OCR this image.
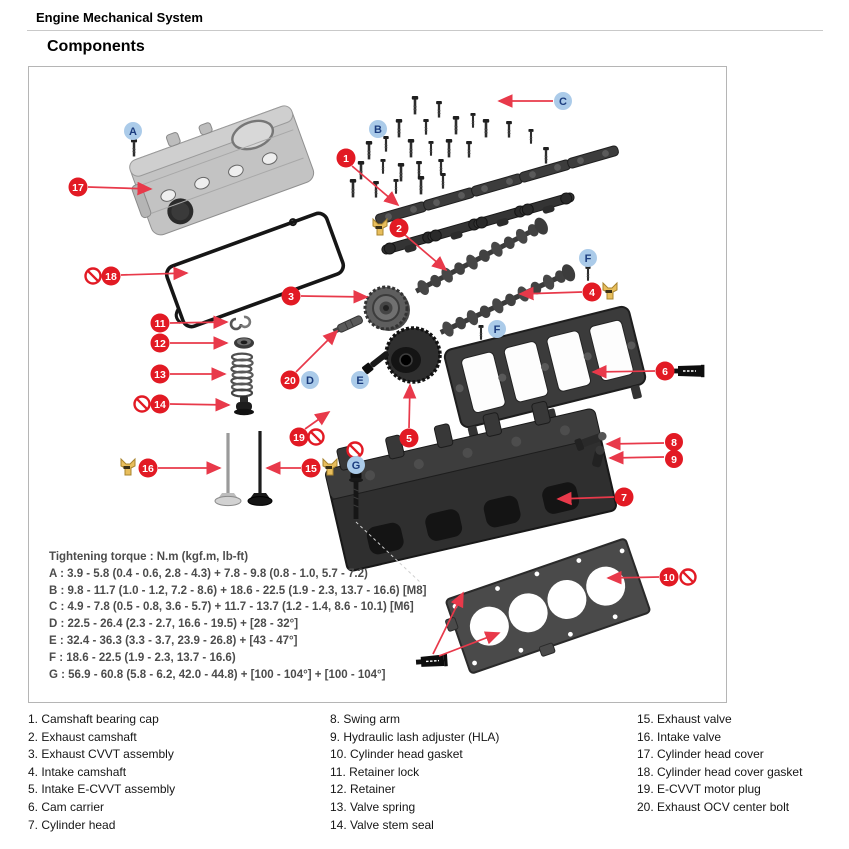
Engine Mechanical System
Components
1
2
3	4
5
6
7
8
9
10
11
12
13
14
15
16
17
18
19
20
A	B
C
D	E
F
F
G
Tightening torque : N.m (kgf.m, lb-ft)
A : 3.9 - 5.8 (0.4 - 0.6, 2.8 - 4.3) + 7.8 - 9.8 (0.8 - 1.0, 5.7 - 7.2)
B : 9.8 - 11.7 (1.0 - 1.2, 7.2 - 8.6) + 18.6 - 22.5 (1.9 - 2.3, 13.7 - 16.6) [M8]
C : 4.9 - 7.8 (0.5 - 0.8, 3.6 - 5.7) + 11.7 - 13.7 (1.2 - 1.4, 8.6 - 10.1) [M6]
D : 22.5 - 26.4 (2.3 - 2.7, 16.6 - 19.5) + [28 - 32°]
E : 32.4 - 36.3 (3.3 - 3.7, 23.9 - 26.8) + [43 - 47°]
F : 18.6 - 22.5 (1.9 - 2.3, 13.7 - 16.6)
G : 56.9 - 60.8 (5.8 - 6.2, 42.0 - 44.8) + [100 - 104°] + [100 - 104°]
1. Camshaft bearing cap
2. Exhaust camshaft
3. Exhaust CVVT assembly
4. Intake camshaft
5. Intake E-CVVT assembly
6. Cam carrier
7. Cylinder head
8. Swing arm
9. Hydraulic lash adjuster (HLA)
10. Cylinder head gasket
11. Retainer lock
12. Retainer
13. Valve spring
14. Valve stem seal
15. Exhaust valve
16. Intake valve
17. Cylinder head cover
18. Cylinder head cover gasket
19. E-CVVT motor plug
20. Exhaust OCV center bolt
